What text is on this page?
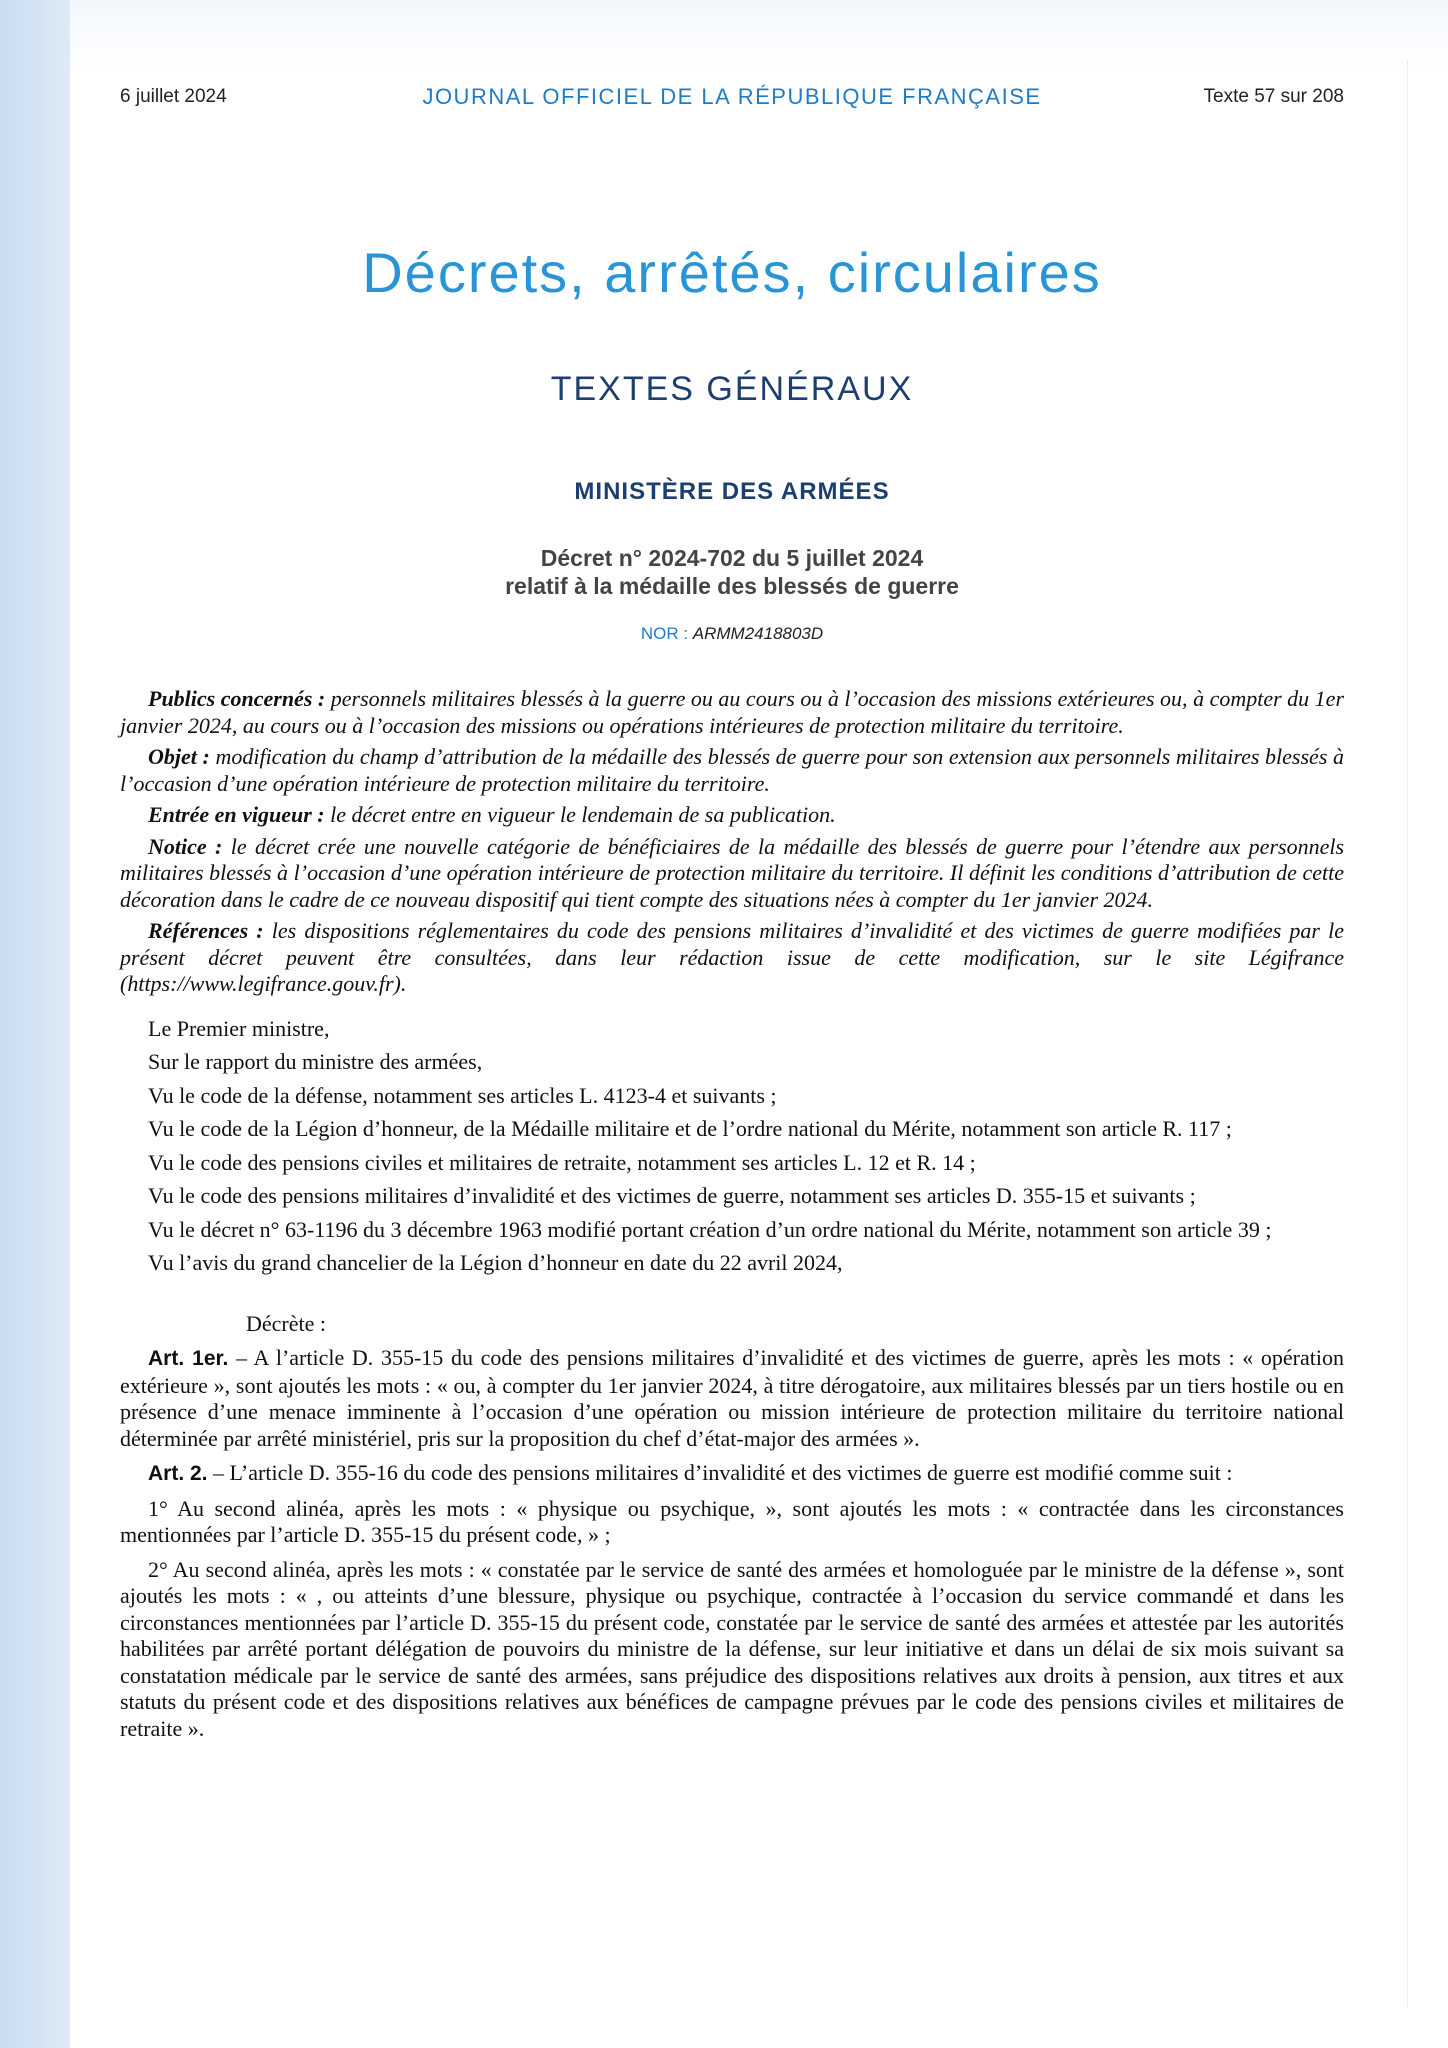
6 juillet 2024	JOURNAL OFFICIEL DE LA RÉPUBLIQUE FRANÇAISE	Texte 57 sur 208
Décrets, arrêtés, circulaires
TEXTES GÉNÉRAUX
MINISTÈRE DES ARMÉES
Décret n° 2024-702 du 5 juillet 2024
relatif à la médaille des blessés de guerre
NOR : ARMM2418803D

Publics concernés : personnels militaires blessés à la guerre ou au cours ou à l’occasion des missions extérieures ou, à compter du 1er janvier 2024, au cours ou à l’occasion des missions ou opérations intérieures de protection militaire du territoire.

Objet : modification du champ d’attribution de la médaille des blessés de guerre pour son extension aux personnels militaires blessés à l’occasion d’une opération intérieure de protection militaire du territoire.

Entrée en vigueur : le décret entre en vigueur le lendemain de sa publication.

Notice : le décret crée une nouvelle catégorie de bénéficiaires de la médaille des blessés de guerre pour l’étendre aux personnels militaires blessés à l’occasion d’une opération intérieure de protection militaire du territoire. Il définit les conditions d’attribution de cette décoration dans le cadre de ce nouveau dispositif qui tient compte des situations nées à compter du 1er janvier 2024.

Références : les dispositions réglementaires du code des pensions militaires d’invalidité et des victimes de guerre modifiées par le présent décret peuvent être consultées, dans leur rédaction issue de cette modification, sur le site Légifrance (https://www.legifrance.gouv.fr).

Le Premier ministre,

Sur le rapport du ministre des armées,

Vu le code de la défense, notamment ses articles L. 4123-4 et suivants ;

Vu le code de la Légion d’honneur, de la Médaille militaire et de l’ordre national du Mérite, notamment son article R. 117 ;

Vu le code des pensions civiles et militaires de retraite, notamment ses articles L. 12 et R. 14 ;

Vu le code des pensions militaires d’invalidité et des victimes de guerre, notamment ses articles D. 355-15 et suivants ;

Vu le décret n° 63-1196 du 3 décembre 1963 modifié portant création d’un ordre national du Mérite, notamment son article 39 ;

Vu l’avis du grand chancelier de la Légion d’honneur en date du 22 avril 2024,

Décrète :

Art. 1er. – A l’article D. 355-15 du code des pensions militaires d’invalidité et des victimes de guerre, après les mots : « opération extérieure », sont ajoutés les mots : « ou, à compter du 1er janvier 2024, à titre dérogatoire, aux militaires blessés par un tiers hostile ou en présence d’une menace imminente à l’occasion d’une opération ou mission intérieure de protection militaire du territoire national déterminée par arrêté ministériel, pris sur la proposition du chef d’état-major des armées ».

Art. 2. – L’article D. 355-16 du code des pensions militaires d’invalidité et des victimes de guerre est modifié comme suit :

1° Au second alinéa, après les mots : « physique ou psychique, », sont ajoutés les mots : « contractée dans les circonstances mentionnées par l’article D. 355-15 du présent code, » ;

2° Au second alinéa, après les mots : « constatée par le service de santé des armées et homologuée par le ministre de la défense », sont ajoutés les mots : « , ou atteints d’une blessure, physique ou psychique, contractée à l’occasion du service commandé et dans les circonstances mentionnées par l’article D. 355-15 du présent code, constatée par le service de santé des armées et attestée par les autorités habilitées par arrêté portant délégation de pouvoirs du ministre de la défense, sur leur initiative et dans un délai de six mois suivant sa constatation médicale par le service de santé des armées, sans préjudice des dispositions relatives aux droits à pension, aux titres et aux statuts du présent code et des dispositions relatives aux bénéfices de campagne prévues par le code des pensions civiles et militaires de retraite ».
